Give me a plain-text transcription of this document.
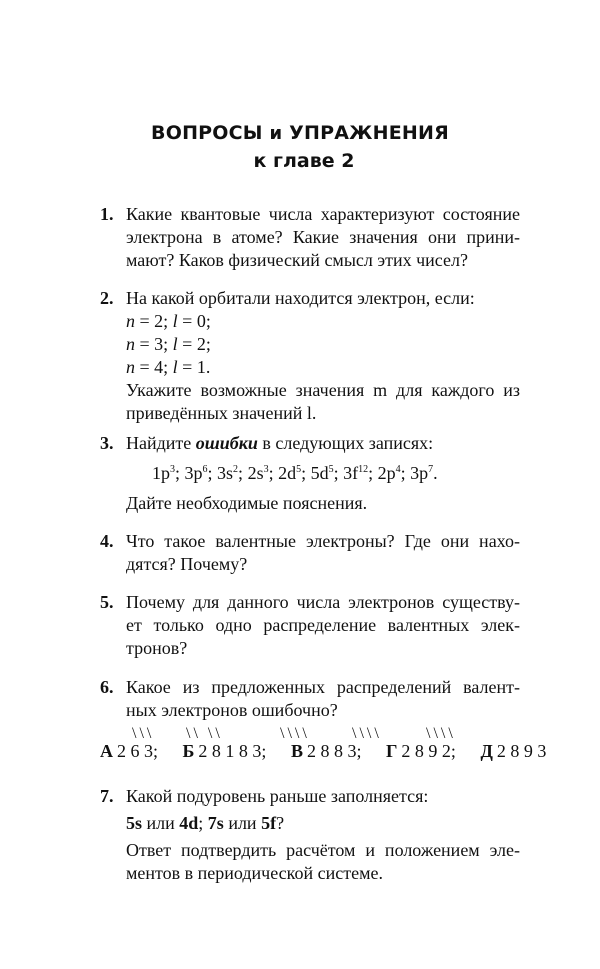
ВОПРОСЫ и УПРАЖНЕНИЯ
к главе 2
1. Какие квантовые числа характеризуют состояние
электрона в атоме? Какие значения они прини-
мают? Каков физический смысл этих чисел?
2. На какой орбитали находится электрон, если:
n = 2; l = 0;
n = 3; l = 2;
n = 4; l = 1.
Укажите возможные значения m для каждого из
приведённых значений l.
3. Найдите ошибки в следующих записях:
$1p^3$; $3p^6$; $3s^2$; $2s^3$; $2d^5$; $5d^5$; $3f^{12}$; $2p^4$; $3p^7$.
Дайте необходимые пояснения.
4. Что такое валентные электроны? Где они нахо-
дятся? Почему?
5. Почему для данного числа электронов существу-
ет только одно распределение валентных элек-
тронов?
6. Какое из предложенных распределений валент-
ных электронов ошибочно?
\\\ \\ \\	\\\\	\\\\	\\\\
А 2 6 3; Б 2 8 1 8 3; В 2 8 8 3; Г 2 8 9 2; Д 2 8 9 3
7. Какой подуровень раньше заполняется:
5s или 4d; 7s или 5f?
Ответ подтвердить расчётом и положением эле-
ментов в периодической системе.
